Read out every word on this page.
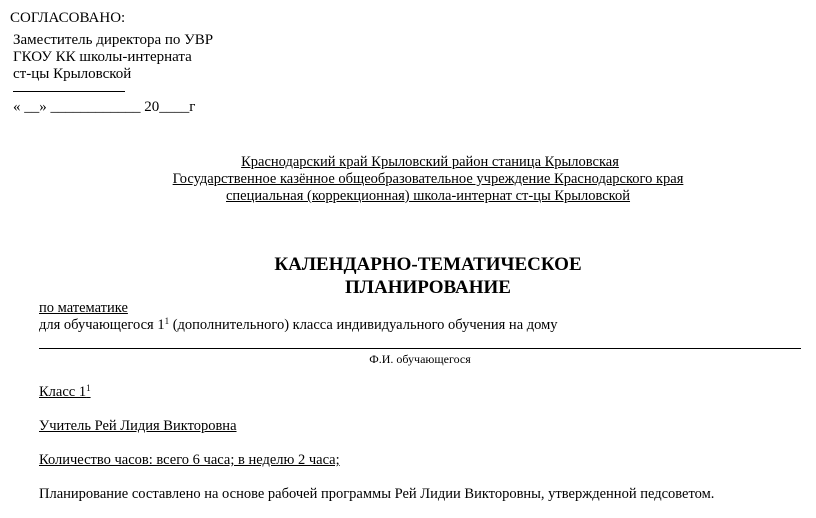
СОГЛАСОВАНО:
Заместитель директора по УВР
ГКОУ КК школы-интерната
ст-цы Крыловской
« __» ____________ 20____г
Краснодарский край Крыловский район станица Крыловская
Государственное казённое общеобразовательное учреждение Краснодарского края
специальная (коррекционная) школа-интернат ст-цы Крыловской
КАЛЕНДАРНО-ТЕМАТИЧЕСКОЕ
ПЛАНИРОВАНИЕ
по математике
для обучающегося $1^1$ (дополнительного) класса индивидуального обучения на дому
Ф.И. обучающегося
Класс $1^1$
Учитель Рей Лидия Викторовна
Количество часов: всего 6 часа; в неделю 2 часа;
Планирование составлено на основе рабочей программы Рей Лидии Викторовны, утвержденной педсоветом.
